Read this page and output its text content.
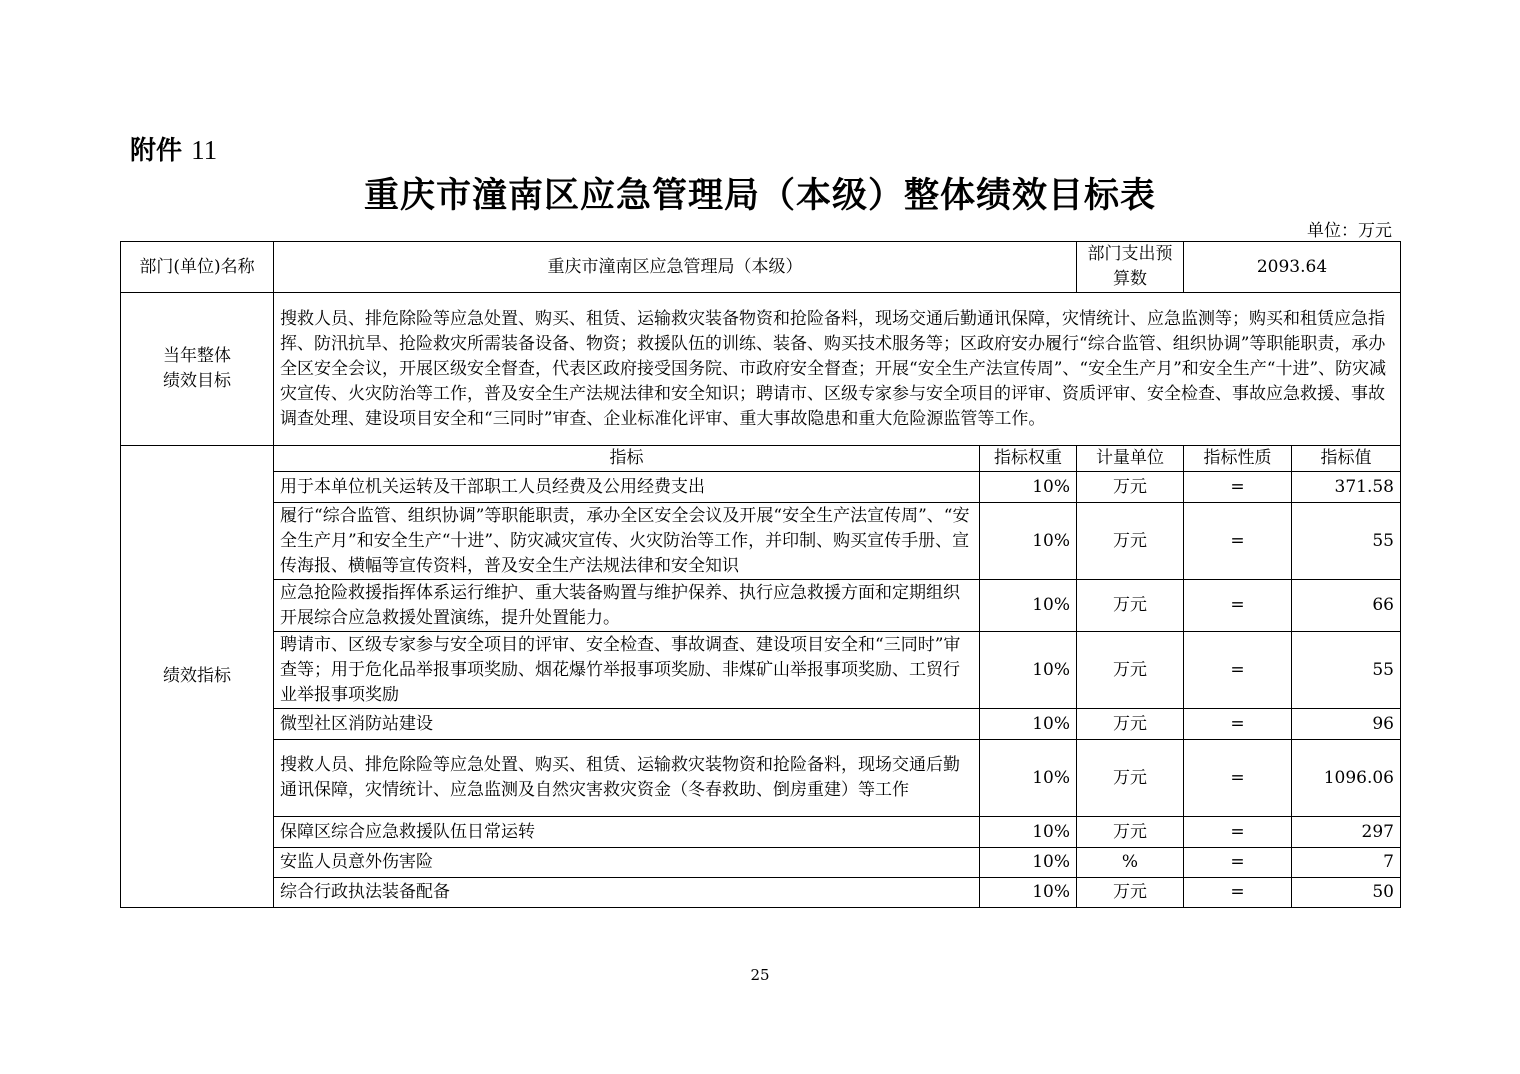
附件 11
重庆市潼南区应急管理局（本级）整体绩效目标表
单位：万元
部门(单位)名称	重庆市潼南区应急管理局（本级）		部门支出预算数	2093.64	

当年整体
绩效目标	搜救人员、排危除险等应急处置、购买、租赁、运输救灾装备物资和抢险备料，现场交通后勤通讯保障，灾情统计、应急监测等；购买和租赁应急指挥、防汛抗旱、抢险救灾所需装备设备、物资；救援队伍的训练、装备、购买技术服务等；区政府安办履行“综合监管、组织协调”等职能职责，承办全区安全会议，开展区级安全督查，代表区政府接受国务院、市政府安全督查；开展“安全生产法宣传周”、“安全生产月”和安全生产“十进”、防灾减灾宣传、火灾防治等工作，普及安全生产法规法律和安全知识；聘请市、区级专家参与安全项目的评审、资质评审、安全检查、事故应急救援、事故调查处理、建设项目安全和“三同时”审查、企业标准化评审、重大事故隐患和重大危险源监管等工作。				
绩效指标	指标	指标权重	计量单位	指标性质	指标值
	用于本单位机关运转及干部职工人员经费及公用经费支出	10%	万元	=	371.58
	履行“综合监管、组织协调”等职能职责，承办全区安全会议及开展“安全生产法宣传周”、“安全生产月”和安全生产“十进”、防灾减灾宣传、火灾防治等工作，并印制、购买宣传手册、宣传海报、横幅等宣传资料，普及安全生产法规法律和安全知识	10%	万元	=	55
	应急抢险救援指挥体系运行维护、重大装备购置与维护保养、执行应急救援方面和定期组织开展综合应急救援处置演练，提升处置能力。	10%	万元	=	66
	聘请市、区级专家参与安全项目的评审、安全检查、事故调查、建设项目安全和“三同时”审查等；用于危化品举报事项奖励、烟花爆竹举报事项奖励、非煤矿山举报事项奖励、工贸行业举报事项奖励	10%	万元	=	55
	微型社区消防站建设	10%	万元	=	96
	搜救人员、排危除险等应急处置、购买、租赁、运输救灾装物资和抢险备料，现场交通后勤通讯保障，灾情统计、应急监测及自然灾害救灾资金（冬春救助、倒房重建）等工作	10%	万元	=	1096.06
	保障区综合应急救援队伍日常运转	10%	万元	=	297
	安监人员意外伤害险	10%	%	=	7
	综合行政执法装备配备	10%	万元	=	50
25
